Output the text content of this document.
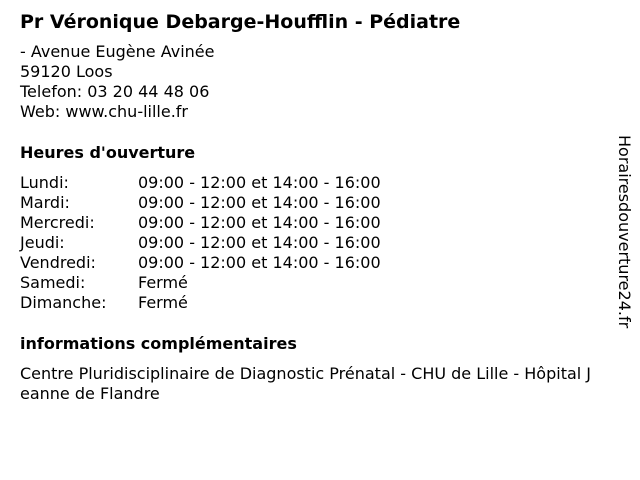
Pr Véronique Debarge-Houfflin - Pédiatre
- Avenue Eugène Avinée
59120 Loos
Telefon: 03 20 44 48 06
Web: www.chu-lille.fr
Heures d'ouverture
Lundi:	09:00 - 12:00 et 14:00 - 16:00
Mardi:	09:00 - 12:00 et 14:00 - 16:00
Mercredi:	09:00 - 12:00 et 14:00 - 16:00
Jeudi:	09:00 - 12:00 et 14:00 - 16:00
Vendredi:	09:00 - 12:00 et 14:00 - 16:00
Samedi:	Fermé
Dimanche:	Fermé
informations complémentaires
Centre Pluridisciplinaire de Diagnostic Prénatal - CHU de Lille - Hôpital Jeanne de Flandre
Horairesdouverture24.fr
